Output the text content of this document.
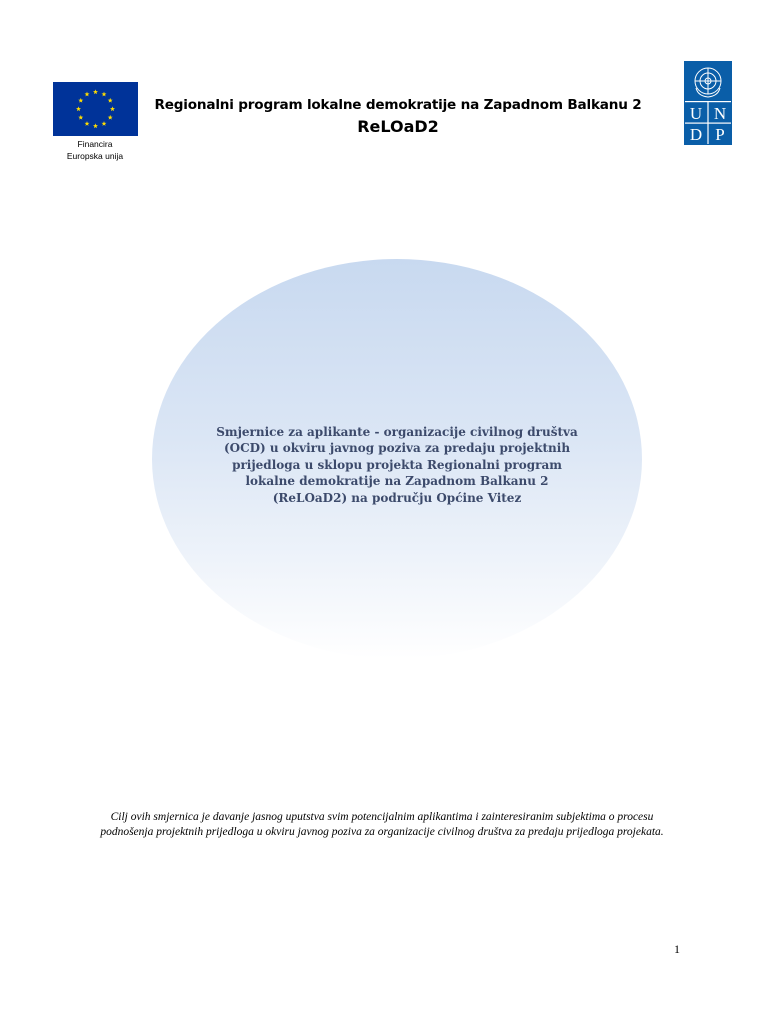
Financira
Europska unija
Regionalni program lokalne demokratije na Zapadnom Balkanu 2
ReLOaD2
U N
D P
Smjernice za aplikante - organizacije civilnog društva (OCD) u okviru javnog poziva za predaju projektnih prijedloga u sklopu projekta Regionalni program lokalne demokratije na Zapadnom Balkanu 2 (ReLOaD2) na području Općine Vitez
Cilj ovih smjernica je davanje jasnog uputstva svim potencijalnim aplikantima i zainteresiranim subjektima o procesu podnošenja projektnih prijedloga u okviru javnog poziva za organizacije civilnog društva za predaju prijedloga projekata.
1
